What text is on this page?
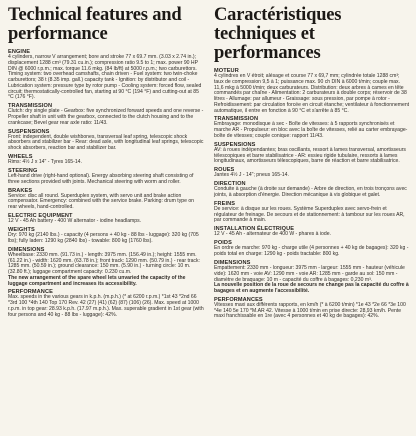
Technical features and performance
ENGINE

4 cylinders, narrow V arrangement; bore and stroke 77 x 69.7 mm. (3.03 x 2.74 in.); displacement 1288 cm³ (79.31 cu.in.); compression ratio 9.5 to 1; max. power 90 HP DIN @ 6000 r.p.m.; max. torque 11.6 mkg. (84 lb/ft) at 5000 r.p.m.; two carburettors. Timing system: two overhead camshafts, chain driven - Fuel system: two twin-choke carburettors; 38 t (8.35 imp. gall.) capacity tank - Ignition: by distributor and coil - Lubrication system: pressure type by rotor pump - Cooling system: forced flow, sealed circuit; thermostatically-controlled fan, starting at 90 °C (194 °F) and cutting-out at 85 °C (176 °F).

TRANSMISSION

Clutch: dry single plate - Gearbox: five synchronized forward speeds and one reverse - Propeller shaft in unit with the gearbox, connected to the clutch housing and to the crankcase; Bevel gear rear axle ratio: 11/43.

SUSPENSIONS

Front: independent, double wishbones, transversal leaf spring, telescopic shock absorbers and stabilizer bar - Rear: dead axle, with longitudinal leaf springs, telescopic shock absorbers, reaction bar and stabilizer bar.

WHEELS

Rims: 4½ J x 14" - Tyres 165-14.

STEERING

Left-hand drive (right-hand optional). Energy absorbing steering shaft consisting of three sections provided with joints. Mechanical steering with worm and roller.

BRAKES

Service: disc all round. Superduplex system, with servo unit and brake action compensator. Emergency: combined with the service brake. Parking: drum type on rear wheels, hand-controlled.

ELECTRIC EQUIPMENT

12 V - 45 Ah battery - 400 W alternator - iodine headlamps.

WEIGHTS

Dry: 970 kg (2140 lbs.) - capacity (4 persons + 40 kg - 88 lbs - luggage): 320 kg (705 lbs); fully laden: 1290 kg (2840 lbs) - towable: 800 kg (1760 lbs).

DIMENSIONS

Wheelbase: 2330 mm. (91.73 in.) - length: 3975 mm. (156.49 in.); height: 1555 mm. (61.22 in.) - width: 1620 mm. (63.78 in.); front track: 1290 mm. (50.79 in.) - rear track: 1285 mm. (50.59 in.); ground clearance: 150 mm. (5.90 in.) - turning circle: 10 m. (32.80 ft.); luggage compartment capacity: 0.230 cu.m.

The new arrangement of the spare wheel lets unvaried the capacity of the luggage compartment and increases its accessibility.

PERFORMANCE

Max. speeds in the various gears in k.p.h. (m.p.h.) (* at 6200 r.p.m.) *1st 43 *2nd 66 *3rd 100 *4th 140 Top 170 Rev. 42 (27) (41) (62) (87) (106) (26). Max. speed at 1000 r.p.m. in top gear: 28.93 k.p.h. (17.97 m.p.h.). Max. superable gradient in 1st gear (with four persons and 40 kg - 88 lbs - luggage): 42%.

Caractéristiques techniques et performances
MOTEUR

4 cylindres en V étroit; alésage et course 77 x 69,7 mm; cylindrée totale 1288 cm³; taux de compression 9,5 à 1; puissance max. 90 ch DIN à 6000 t/min; couple max. 11,6 mkg à 5000 t/min; deux carburateurs. Distribution: deux arbres à cames en tête commandés par chaîne - Alimentation: 2 carburateurs à double corps; réservoir de 38 litres - Allumage: par allumeur - Graissage: sous pression, par pompe à rotor - Refroidissement: par circulation forcée en circuit étanche; ventilateur à fonctionnement automatique, il entre en fonction à 90 °C et s'arrête à 85 °C.

TRANSMISSION

Embrayage: monodisque à sec - Boîte de vitesses: à 5 rapports synchronisés et marche AR - Propulseur: en bloc avec la boîte de vitesses, relié au carter embrayage-boîte de vitesses; couple conique: rapport 11/43.

SUSPENSIONS

AV: à roues indépendantes; bras oscillants, ressort à lames transversal, amortisseurs télescopiques et barre stabilisatrice - AR: essieu rigide tubulaire, ressorts à lames longitudinaux, amortisseurs télescopiques, barre de réaction et barre stabilisatrice.

ROUES

Jantes 4½ J - 14"; pneus 165-14.

DIRECTION

Conduite à gauche (à droite sur demande) - Arbre de direction, en trois tronçons avec joints, à absorption d'énergie. Direction mécanique à vis globique et galet.

FREINS

De service: à disque sur les roues. Système Superduplex avec servo-frein et régulateur de freinage. De secours et de stationnement: à tambour sur les roues AR, par commande à main.

INSTALLATION ÉLECTRIQUE

12 V - 45 Ah - alternateur de 400 W - phares à iode.

POIDS

En ordre de marche: 970 kg - charge utile (4 personnes + 40 kg de bagages): 320 kg - poids total en charge: 1290 kg - poids tractable: 800 kg.

DIMENSIONS

Empattement: 2330 mm - longueur: 3975 mm - largeur: 1555 mm - hauteur (véhicule vide): 1620 mm - voie AV: 1290 mm - voie AR: 1285 mm - garde au sol: 150 mm - diamètre de braquage: 10 m - capacité du coffre à bagages: 0,230 m³.

La nouvelle position de la roue de secours ne change pas la capacité du coffre à bagages et en augmente l'accessibilité.

PERFORMANCES

Vitesses maxi aux différents rapports, en km/h (* à 6200 t/min) *1e 43 *2e 66 *3e 100 *4e 140 5e 170 *M.AR 42. Vitesse à 1000 t/min en prise directe: 28,93 km/h. Pente maxi franchissable en 1re (avec 4 personnes et 40 kg de bagages): 42%.
